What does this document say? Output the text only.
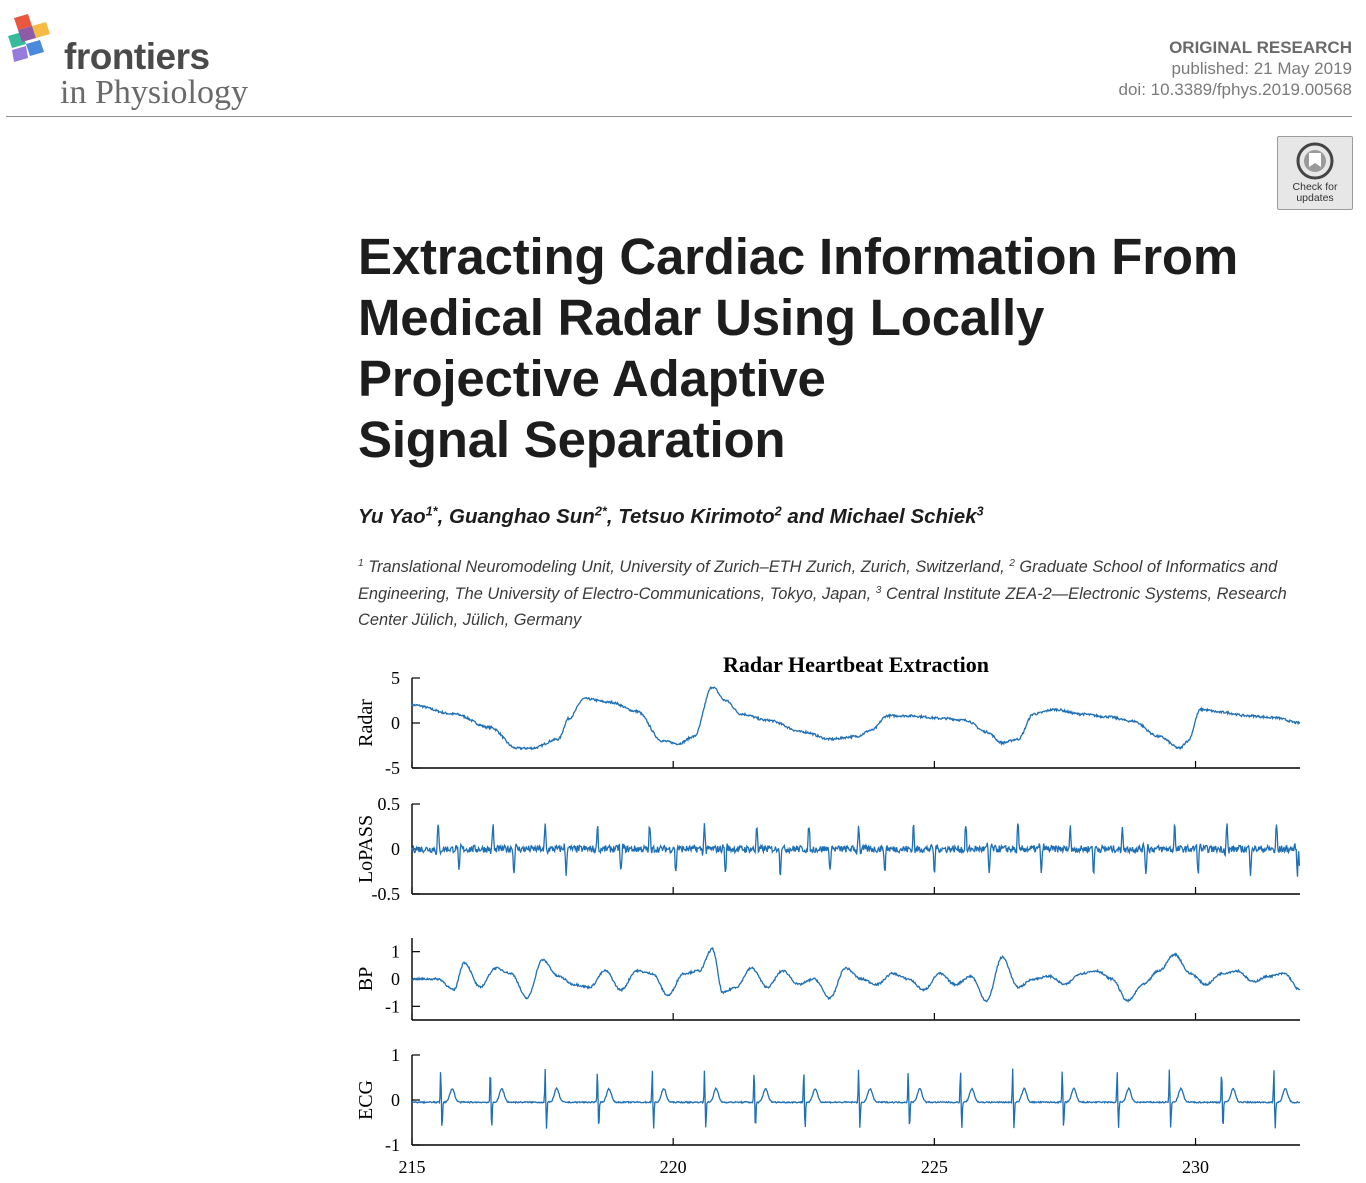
frontiers
in Physiology
ORIGINAL RESEARCH
published: 21 May 2019
doi: 10.3389/fphys.2019.00568
Check for
updates
Extracting Cardiac Information From
Medical Radar Using Locally
Projective Adaptive
Signal Separation
Yu Yao$^{1*}$, Guanghao Sun$^{2*}$, Tetsuo Kirimoto$^2$ and Michael Schiek$^3$
$^1$ Translational Neuromodeling Unit, University of Zurich–ETH Zurich, Zurich, Switzerland, $^2$ Graduate School of Informatics and Engineering, The University of Electro-Communications, Tokyo, Japan, $^3$ Central Institute ZEA-2—Electronic Systems, Research Center Jülich, Jülich, Germany
Radar Heartbeat Extraction
5
0
-5
Radar
0.5
0
-0.5
LoPASS
1
0
-1
BP
1
0
-1
ECG
215	220	225	230
